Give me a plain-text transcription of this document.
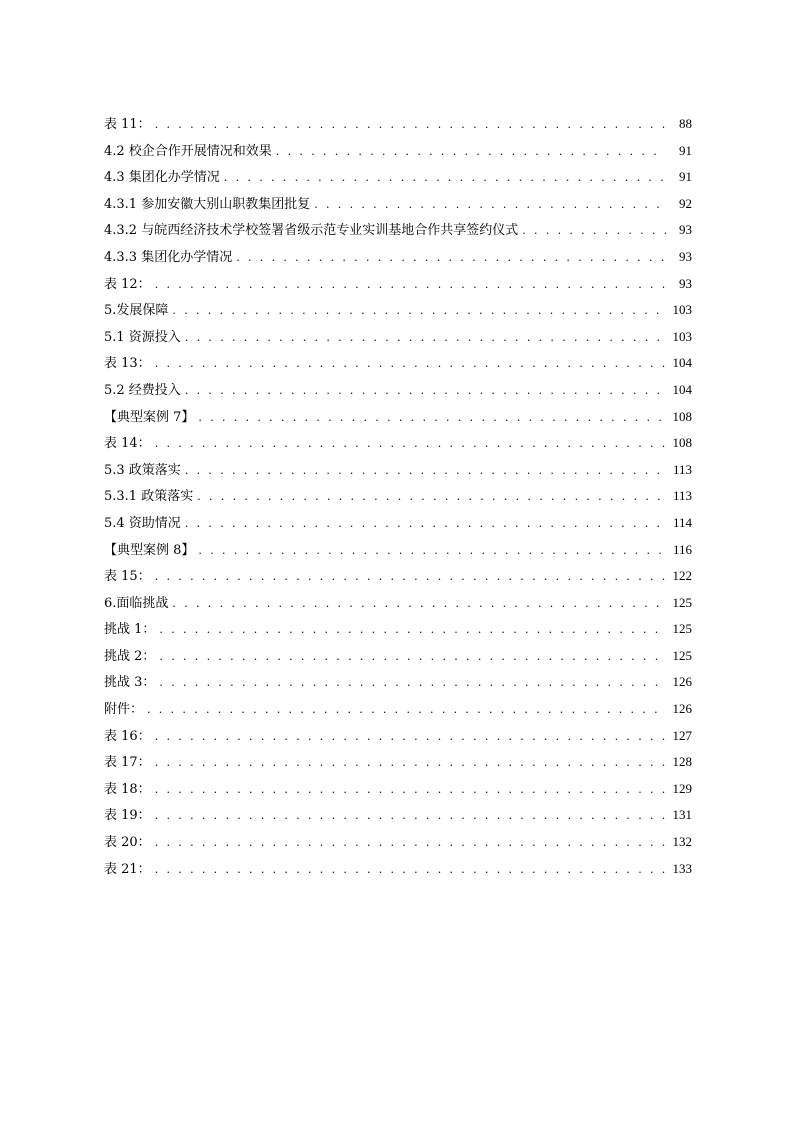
表 11： . . .	88
4.2 校企合作开展情况和效果 . . .	91
4.3 集团化办学情况 . . .	91
4.3.1 参加安徽大别山职教集团批复 . . .	92
4.3.2 与皖西经济技术学校签署省级示范专业实训基地合作共享签约仪式 . . .	93
4.3.3 集团化办学情况 . . .	93
表 12： . . .	93
5.发展保障 . . .	103
5.1 资源投入 . . .	103
表 13： . . .	104
5.2 经费投入 . . .	104
【典型案例 7】 . . .	108
表 14： . . .	108
5.3 政策落实 . . .	113
5.3.1 政策落实 . . .	113
5.4 资助情况 . . .	114
【典型案例 8】 . . .	116
表 15： . . .	122
6.面临挑战 . . .	125
挑战 1： . . .	125
挑战 2： . . .	125
挑战 3： . . .	126
附件： . . .	126
表 16： . . .	127
表 17： . . .	128
表 18： . . .	129
表 19： . . .	131
表 20： . . .	132
表 21： . . .	133
